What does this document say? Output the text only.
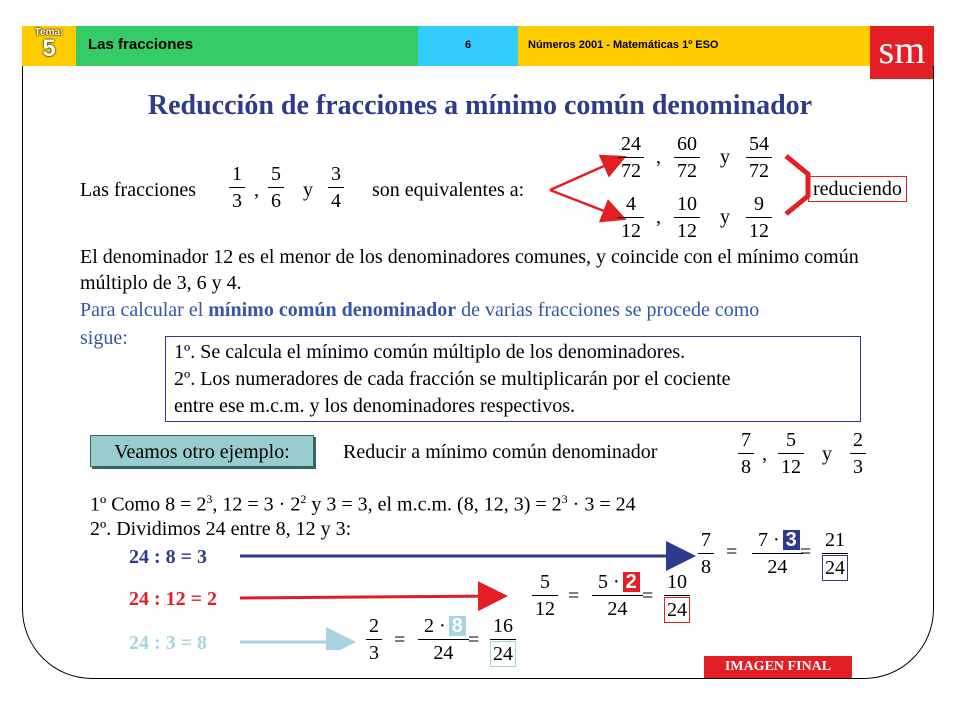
Tema:
5	Las fracciones	6	Números 2001 - Matemáticas 1º ESO	sm
Reducción de fracciones a mínimo común denominador
Las fracciones
1
3 ,
5
6 y
3
4 son equivalentes a:
24
72
,
60
72
y
54
72
4
12
,
10
12
y
9
12
reduciendo
El denominador 12 es el menor de los denominadores comunes, y coincide con el mínimo común múltiplo de 3, 6 y 4.
Para calcular el mínimo común denominador de varias fracciones se procede como
sigue:
1º. Se calcula el mínimo común múltiplo de los denominadores.
2º. Los numeradores de cada fracción se multiplicarán por el cociente
entre ese m.c.m. y los denominadores respectivos.
Veamos otro ejemplo:	Reducir a mínimo común denominador
7
8
,
5
12
y
2
3
1º Como $8 = 2^3$, $12 = 3 \cdot 2^2$ y 3 = 3, el m.c.m. (8, 12, $3) = 2^3 \cdot 3 = 24$
2º. Dividimos 24 entre 8, 12 y 3:
24 : 8 = 3
24 : 12 = 2
24 : 3 = 8
7
8
=
7 · 3
24
= $\frac{21}{24}$
5
12
=
5 · 2
24
= $\frac{10}{24}$
2
3
=
2 · 8
24
= $\frac{16}{24}$	IMAGEN FINAL
